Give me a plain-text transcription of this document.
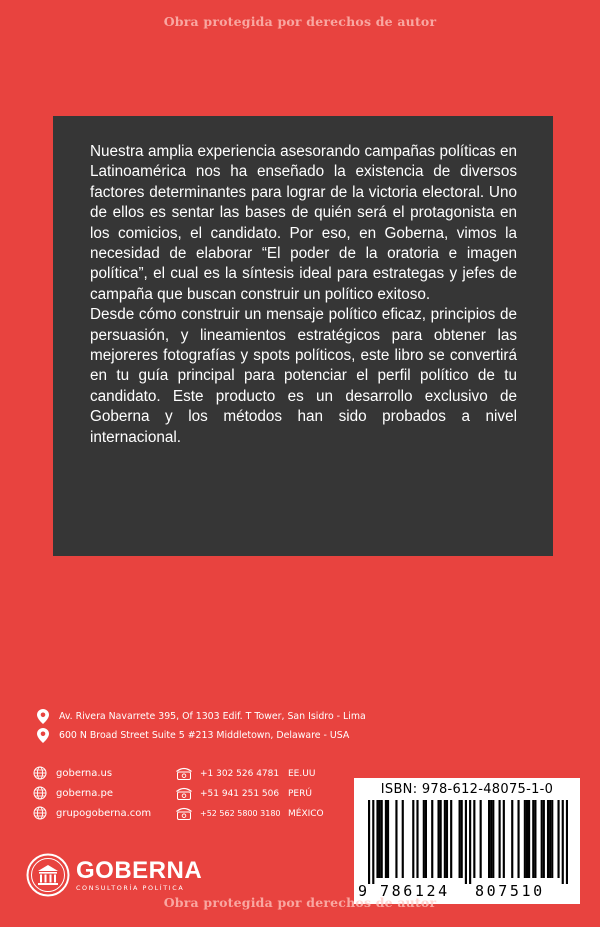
Obra protegida por derechos de autor

Nuestra amplia experiencia asesorando campañas políticas en Latinoamérica nos ha enseñado la existencia de diversos factores determinantes para lograr de la victoria electoral. Uno de ellos es sentar las bases de quién será el protagonista en los comicios, el candidato. Por eso, en Goberna, vimos la necesidad de elaborar “El poder de la oratoria e imagen política”, el cual es la síntesis ideal para estrategas y jefes de campaña que buscan construir un político exitoso.

Desde cómo construir un mensaje político eficaz, principios de persuasión, y lineamientos estratégicos para obtener las mejoreres fotografías y spots políticos, este libro se convertirá en tu guía principal para potenciar el perfil político de tu candidato. Este producto es un desarrollo exclusivo de Goberna y los métodos han sido probados a nivel internacional.

Av. Rivera Navarrete 395, Of 1303 Edif. T Tower, San Isidro - Lima
600 N Broad Street Suite 5 #213 Middletown, Delaware - USA
goberna.us
goberna.pe
grupogoberna.com
+1 302 526 4781 EE.UU
+51 941 251 506 PERÚ
+52 562 5800 3180 MÉXICO
GOBERNA
CONSULTORÍA POLÍTICA
ISBN: 978-612-48075-1-0
9 786124 807510
Obra protegida por derechos de autor
